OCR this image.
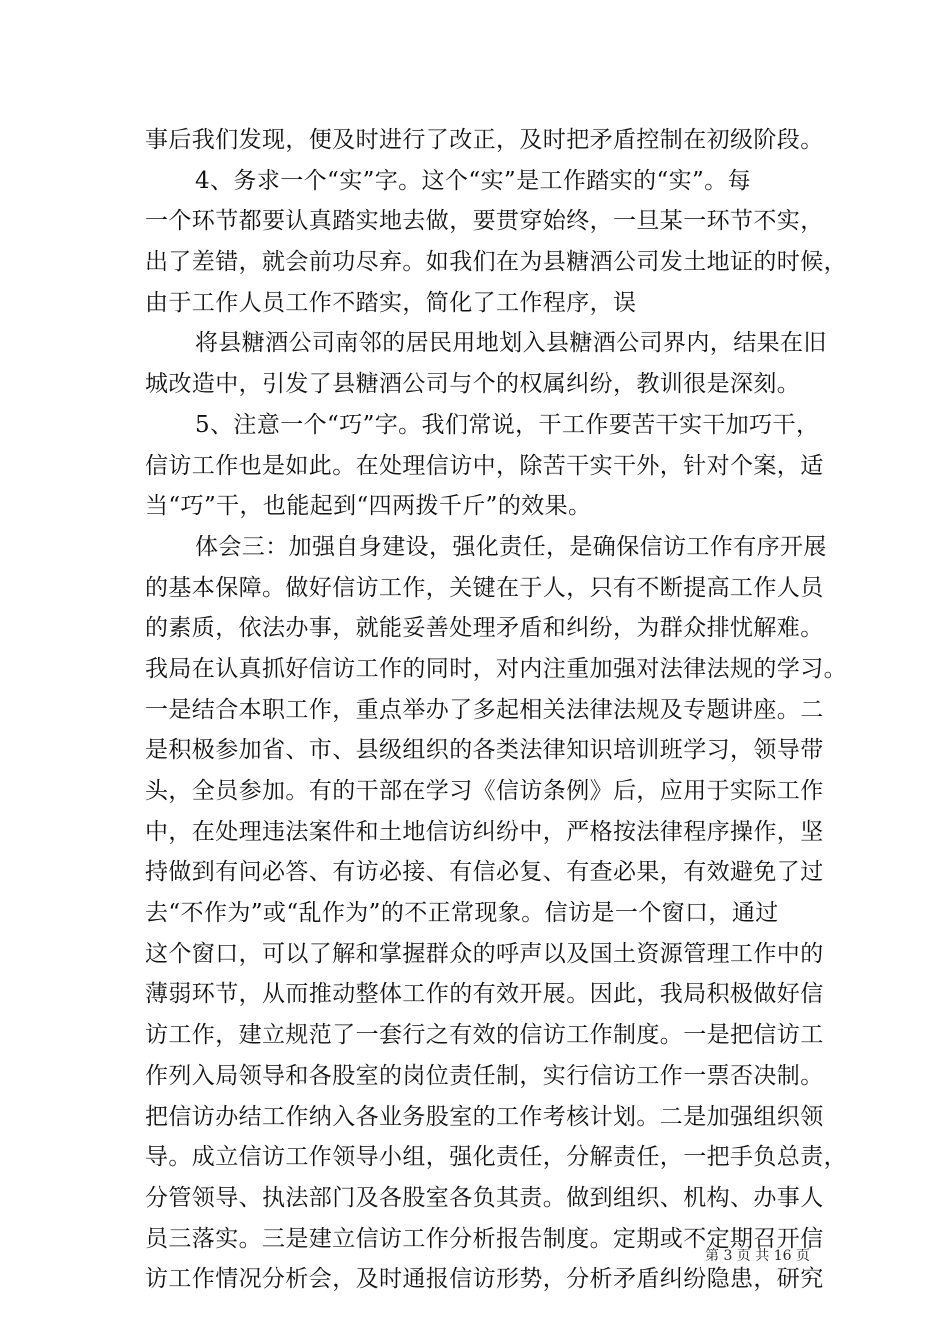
事后我们发现，便及时进行了改正，及时把矛盾控制在初级阶段。
4、务求一个“实”字。这个“实”是工作踏实的“实”。每
一个环节都要认真踏实地去做，要贯穿始终，一旦某一环节不实，
出了差错，就会前功尽弃。如我们在为县糖酒公司发土地证的时候，
由于工作人员工作不踏实，简化了工作程序，误
将县糖酒公司南邻的居民用地划入县糖酒公司界内，结果在旧
城改造中，引发了县糖酒公司与个的权属纠纷，教训很是深刻。
5、注意一个“巧”字。我们常说，干工作要苦干实干加巧干，
信访工作也是如此。在处理信访中，除苦干实干外，针对个案，适
当“巧”干，也能起到“四两拨千斤”的效果。
体会三：加强自身建设，强化责任，是确保信访工作有序开展
的基本保障。做好信访工作，关键在于人，只有不断提高工作人员
的素质，依法办事，就能妥善处理矛盾和纠纷，为群众排忧解难。
我局在认真抓好信访工作的同时，对内注重加强对法律法规的学习。
一是结合本职工作，重点举办了多起相关法律法规及专题讲座。二
是积极参加省、市、县级组织的各类法律知识培训班学习，领导带
头，全员参加。有的干部在学习《信访条例》后，应用于实际工作
中，在处理违法案件和土地信访纠纷中，严格按法律程序操作，坚
持做到有问必答、有访必接、有信必复、有查必果，有效避免了过
去“不作为”或“乱作为”的不正常现象。信访是一个窗口，通过
这个窗口，可以了解和掌握群众的呼声以及国土资源管理工作中的
薄弱环节，从而推动整体工作的有效开展。因此，我局积极做好信
访工作，建立规范了一套行之有效的信访工作制度。一是把信访工
作列入局领导和各股室的岗位责任制，实行信访工作一票否决制。
把信访办结工作纳入各业务股室的工作考核计划。二是加强组织领
导。成立信访工作领导小组，强化责任，分解责任，一把手负总责，
分管领导、执法部门及各股室各负其责。做到组织、机构、办事人
员三落实。三是建立信访工作分析报告制度。定期或不定期召开信
访工作情况分析会，及时通报信访形势，分析矛盾纠纷隐患，研究
第 3 页 共 16 页
